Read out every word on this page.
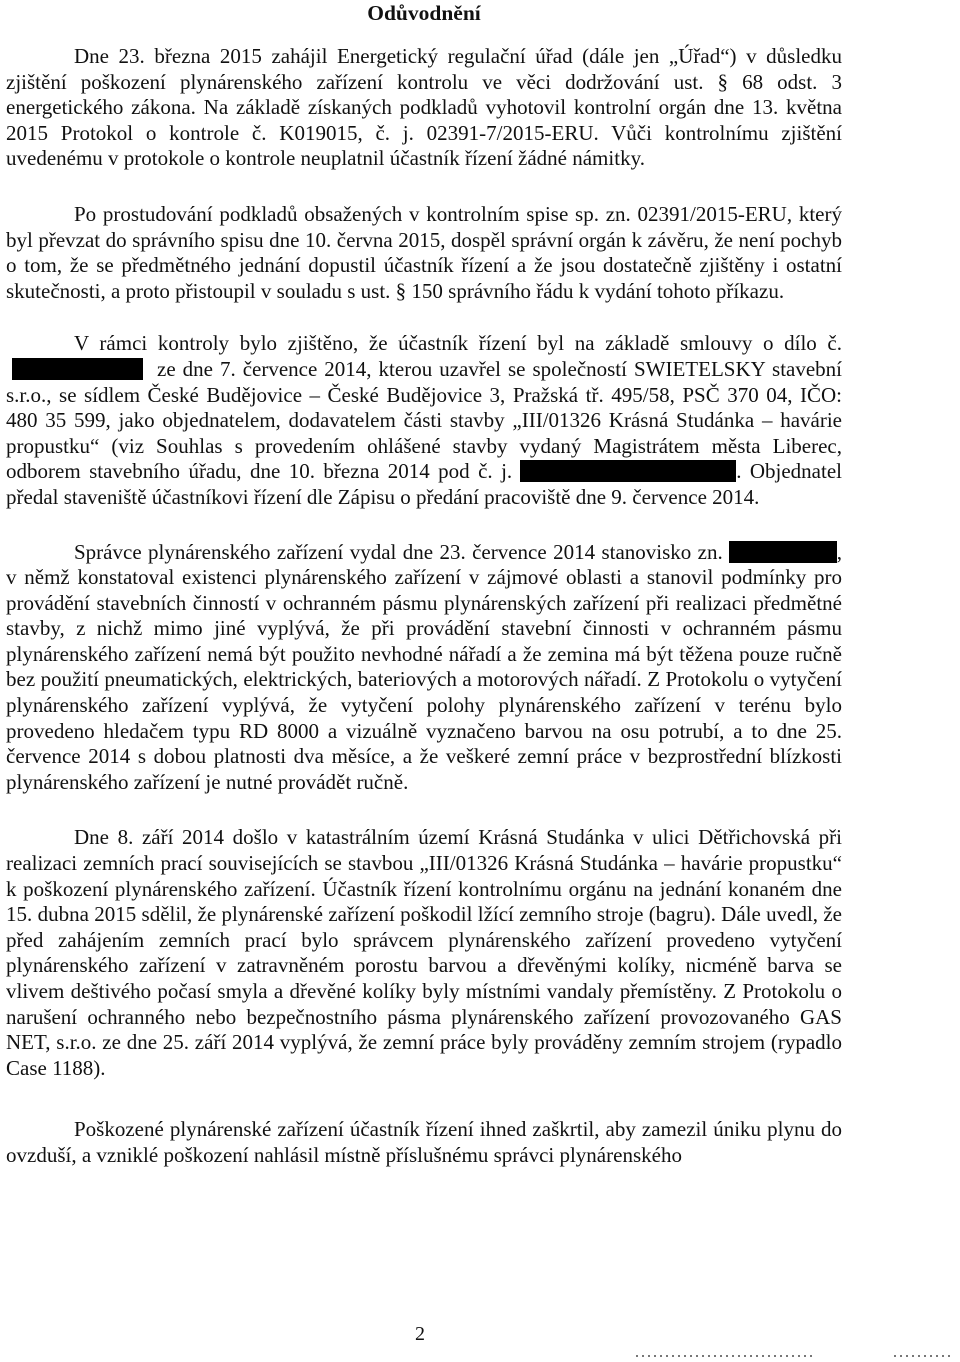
Odůvodnění

Dne 23. března 2015 zahájil Energetický regulační úřad (dále jen „Úřad“) v důsledku zjištění poškození plynárenského zařízení kontrolu ve věci dodržování ust. § 68 odst. 3 energetického zákona. Na základě získaných podkladů vyhotovil kontrolní orgán dne 13. května 2015 Protokol o kontrole č. K019015, č. j. 02391-7/2015-ERU. Vůči kontrolnímu zjištění uvedenému v protokole o kontrole neuplatnil účastník řízení žádné námitky.

Po prostudování podkladů obsažených v kontrolním spise sp. zn. 02391/2015-ERU, který byl převzat do správního spisu dne 10. června 2015, dospěl správní orgán k závěru, že není pochyb o tom, že se předmětného jednání dopustil účastník řízení a že jsou dostatečně zjištěny i ostatní skutečnosti, a proto přistoupil v souladu s ust. § 150 správního řádu k vydání tohoto příkazu.

V rámci kontroly bylo zjištěno, že účastník řízení byl na základě smlouvy o dílo č.ze dne 7. července 2014, kterou uzavřel se společností SWIETELSKY stavební s.r.o., se sídlem České Budějovice – České Budějovice 3, Pražská tř. 495/58, PSČ 370 04, IČO: 480 35 599, jako objednatelem, dodavatelem části stavby „III/01326 Krásná Studánka – havárie propustku“ (viz Souhlas s provedením ohlášené stavby vydaný Magistrátem města Liberec, odborem stavebního úřadu, dne 10. března 2014 pod č. j.	. Objednatel předal staveniště účastníkovi řízení dle Zápisu o předání pracoviště dne 9. července 2014.

Správce plynárenského zařízení vydal dne 23. července 2014 stanovisko zn.	, v němž konstatoval existenci plynárenského zařízení v zájmové oblasti a stanovil podmínky pro provádění stavebních činností v ochranném pásmu plynárenských zařízení při realizaci předmětné stavby, z nichž mimo jiné vyplývá, že při provádění stavební činnosti v ochranném pásmu plynárenského zařízení nemá být použito nevhodné nářadí a že zemina má být těžena pouze ručně bez použití pneumatických, elektrických, bateriových a motorových nářadí. Z Protokolu o vytyčení plynárenského zařízení vyplývá, že vytyčení polohy plynárenského zařízení v terénu bylo provedeno hledačem typu RD 8000 a vizuálně vyznačeno barvou na osu potrubí, a to dne 25. července 2014 s dobou platnosti dva měsíce, a že veškeré zemní práce v bezprostřední blízkosti plynárenského zařízení je nutné provádět ručně.

Dne 8. září 2014 došlo v katastrálním území Krásná Studánka v ulici Dětřichovská při realizaci zemních prací souvisejících se stavbou „III/01326 Krásná Studánka – havárie propustku“ k poškození plynárenského zařízení. Účastník řízení kontrolnímu orgánu na jednání konaném dne 15. dubna 2015 sdělil, že plynárenské zařízení poškodil lžící zemního stroje (bagru). Dále uvedl, že před zahájením zemních prací bylo správcem plynárenského zařízení provedeno vytyčení plynárenského zařízení v zatravněném porostu barvou a dřevěnými kolíky, nicméně barva se vlivem deštivého počasí smyla a dřevěné kolíky byly místními vandaly přemístěny. Z Protokolu o narušení ochranného nebo bezpečnostního pásma plynárenského zařízení provozovaného GAS NET, s.r.o. ze dne 25. září 2014 vyplývá, že zemní práce byly prováděny zemním strojem (rypadlo Case 1188).

Poškozené plynárenské zařízení účastník řízení ihned zaškrtil, aby zamezil úniku plynu do ovzduší, a vzniklé poškození nahlásil místně příslušnému správci plynárenského

2
